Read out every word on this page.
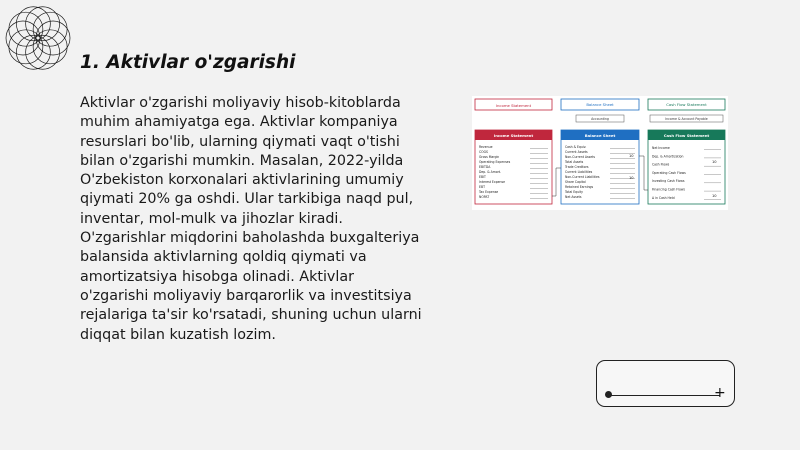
1. Aktivlar o'zgarishi

Aktivlar o'zgarishi moliyaviy hisob-kitoblarda muhim ahamiyatga ega. Aktivlar kompaniya resurslari bo'lib, ularning qiymati vaqt o'tishi bilan o'zgarishi mumkin. Masalan, 2022-yilda O'zbekiston korxonalari aktivlarining umumiy qiymati 20% ga oshdi. Ular tarkibiga naqd pul, inventar, mol-mulk va jihozlar kiradi. O'zgarishlar miqdorini baholashda buxgalteriya balansida aktivlarning qoldiq qiymati va amortizatsiya hisobga olinadi. Aktivlar o'zgarishi moliyaviy barqarorlik va investitsiya rejalariga ta'sir ko'rsatadi, shuning uchun ularni diqqat bilan kuzatish lozim.

Income Statement	Balance Sheet
Accounting
Cash Flow Statement
Income & Account Payable
Income Statement
Revenue
COGS
Gross Margin
Operating Expenses
EBITDA
Dep. & Amort.
EBIT
Interest Expense
EBT
Tax Expense
NOPAT
Balance Sheet
Cash & Equiv.
Current Assets
Non-Current Assets
Total Assets
Trade Creditors
Current Liabilities
Non-Current Liabilities
Share Capital
Retained Earnings
Total Equity
Net Assets
10
10
Cash Flow Statement
Net Income
Dep. & Amortization
Cash Flows
Operating Cash Flows
Investing Cash Flows
Financing Cash Flows
Δ in Cash Held
10
10
+
